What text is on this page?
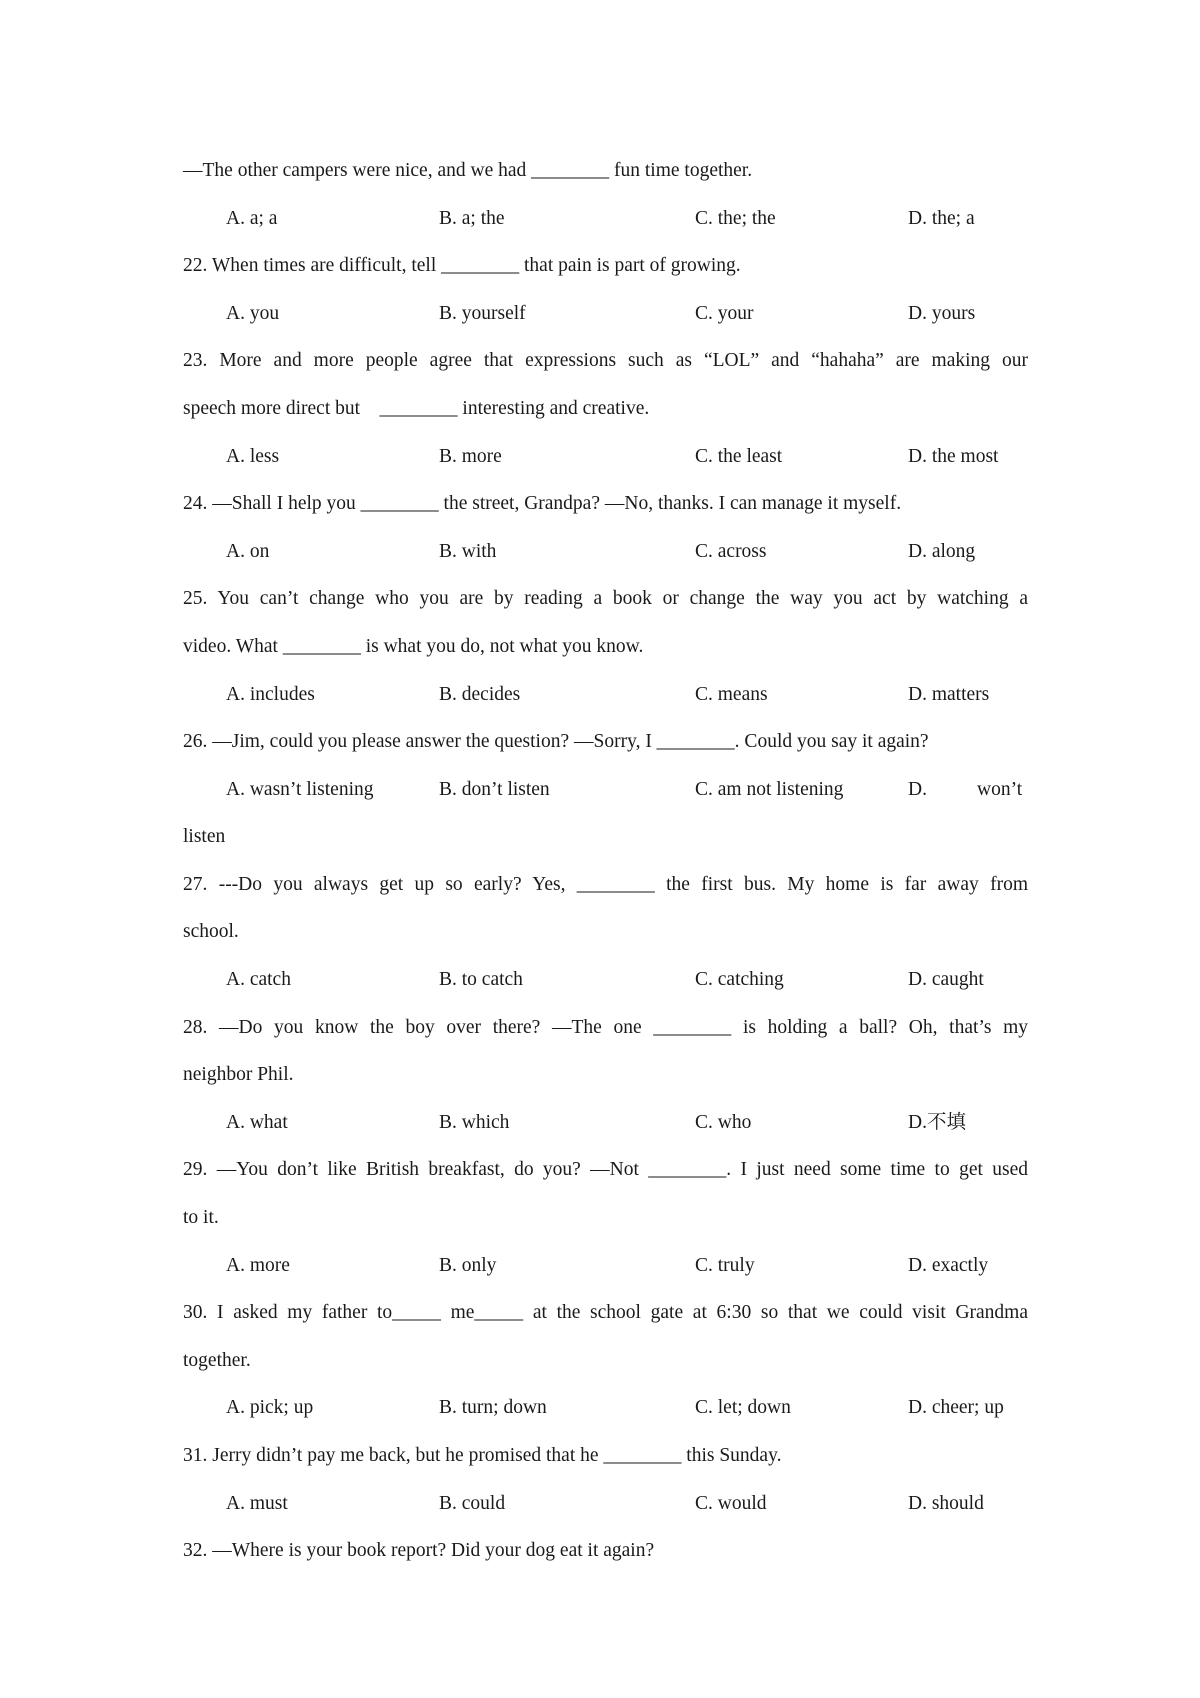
—The other campers were nice, and we had ________ fun time together.
A. a; a	B. a; the	C. the; the	D. the; a
22. When times are difficult, tell ________ that pain is part of growing.
A. you	B. yourself	C. your	D. yours
23. More and more people agree that expressions such as “LOL” and “hahaha” are making our
speech more direct but    ________ interesting and creative.
A. less	B. more	C. the least	D. the most
24. —Shall I help you ________ the street, Grandpa? —No, thanks. I can manage it myself.
A. on	B. with	C. across	D. along
25. You can’t change who you are by reading a book or change the way you act by watching a
video. What ________ is what you do, not what you know.
A. includes	B. decides	C. means	D. matters
26. —Jim, could you please answer the question? —Sorry, I ________. Could you say it again?
A. wasn’t listening	B. don’t listen	C. am not listening	D.	won’t
listen
27. ---Do you always get up so early? Yes, ________ the first bus. My home is far away from
school.
A. catch	B. to catch	C. catching	D. caught
28. —Do you know the boy over there? —The one ________ is holding a ball? Oh, that’s my
neighbor Phil.
A. what	B. which	C. who	D.不填
29. —You don’t like British breakfast, do you? —Not ________. I just need some time to get used
to it.
A. more	B. only	C. truly	D. exactly
30. I asked my father to_____ me_____ at the school gate at 6:30 so that we could visit Grandma
together.
A. pick; up	B. turn; down	C. let; down	D. cheer; up
31. Jerry didn’t pay me back, but he promised that he ________ this Sunday.
A. must	B. could	C. would	D. should
32. —Where is your book report? Did your dog eat it again?
